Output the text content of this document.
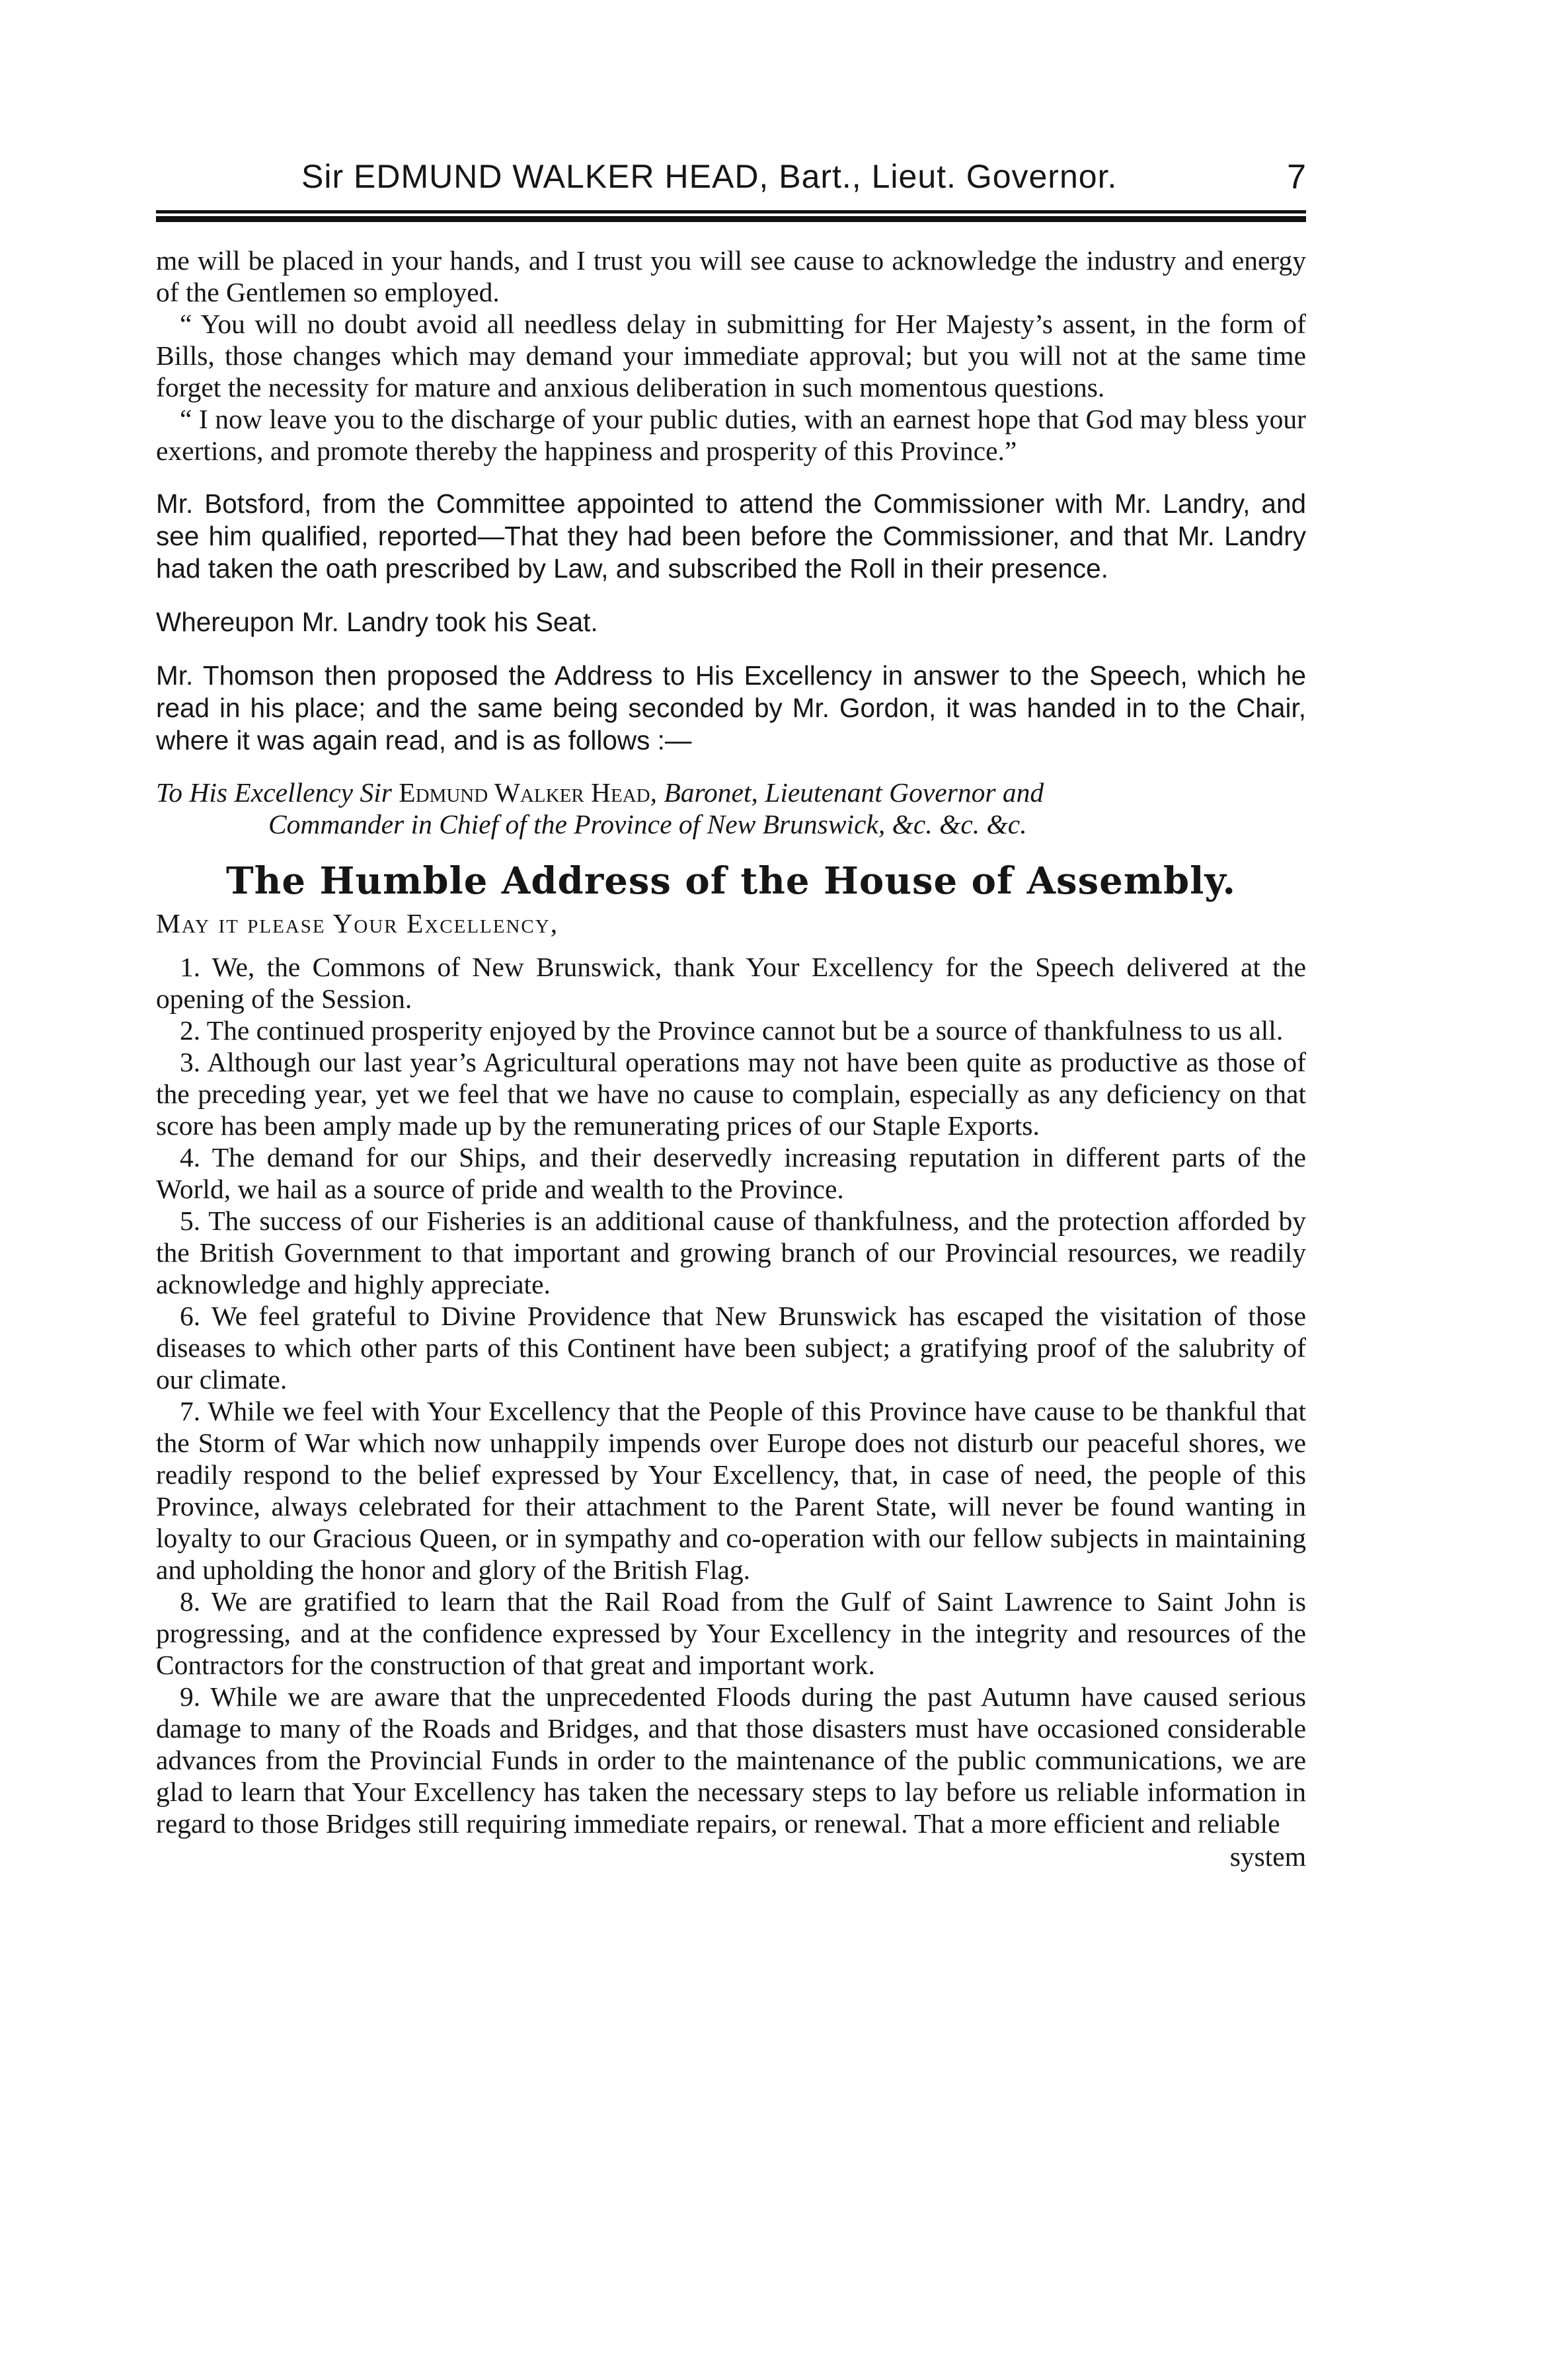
Sir EDMUND WALKER HEAD, Bart., Lieut. Governor.	7

me will be placed in your hands, and I trust you will see cause to acknowledge the industry and energy of the Gentlemen so employed.

“ You will no doubt avoid all needless delay in submitting for Her Majesty’s assent, in the form of Bills, those changes which may demand your immediate approval; but you will not at the same time forget the necessity for mature and anxious deliberation in such momentous questions.

“ I now leave you to the discharge of your public duties, with an earnest hope that God may bless your exertions, and promote thereby the happiness and prosperity of this Province.”

Mr. Botsford, from the Committee appointed to attend the Commissioner with Mr. Landry, and see him qualified, reported—That they had been before the Commissioner, and that Mr. Landry had taken the oath prescribed by Law, and subscribed the Roll in their presence.

Whereupon Mr. Landry took his Seat.

Mr. Thomson then proposed the Address to His Excellency in answer to the Speech, which he read in his place; and the same being seconded by Mr. Gordon, it was handed in to the Chair, where it was again read, and is as follows :—

To His Excellency Sir Edmund Walker Head, Baronet, Lieutenant Governor and
Commander in Chief of the Province of New Brunswick, &c. &c. &c.

The Humble Address of the House of Assembly.

May it please Your Excellency,

1. We, the Commons of New Brunswick, thank Your Excellency for the Speech delivered at the opening of the Session.

2. The continued prosperity enjoyed by the Province cannot but be a source of thankfulness to us all.

3. Although our last year’s Agricultural operations may not have been quite as productive as those of the preceding year, yet we feel that we have no cause to complain, especially as any deficiency on that score has been amply made up by the remunerating prices of our Staple Exports.

4. The demand for our Ships, and their deservedly increasing reputation in different parts of the World, we hail as a source of pride and wealth to the Province.

5. The success of our Fisheries is an additional cause of thankfulness, and the protection afforded by the British Government to that important and growing branch of our Provincial resources, we readily acknowledge and highly appreciate.

6. We feel grateful to Divine Providence that New Brunswick has escaped the visitation of those diseases to which other parts of this Continent have been subject; a gratifying proof of the salubrity of our climate.

7. While we feel with Your Excellency that the People of this Province have cause to be thankful that the Storm of War which now unhappily impends over Europe does not disturb our peaceful shores, we readily respond to the belief expressed by Your Excellency, that, in case of need, the people of this Province, always celebrated for their attachment to the Parent State, will never be found wanting in loyalty to our Gracious Queen, or in sympathy and co-operation with our fellow subjects in maintaining and upholding the honor and glory of the British Flag.

8. We are gratified to learn that the Rail Road from the Gulf of Saint Lawrence to Saint John is progressing, and at the confidence expressed by Your Excellency in the integrity and resources of the Contractors for the construction of that great and important work.

9. While we are aware that the unprecedented Floods during the past Autumn have caused serious damage to many of the Roads and Bridges, and that those disasters must have occasioned considerable advances from the Provincial Funds in order to the maintenance of the public communications, we are glad to learn that Your Excellency has taken the necessary steps to lay before us reliable information in regard to those Bridges still requiring immediate repairs, or renewal. That a more efficient and reliable

system
